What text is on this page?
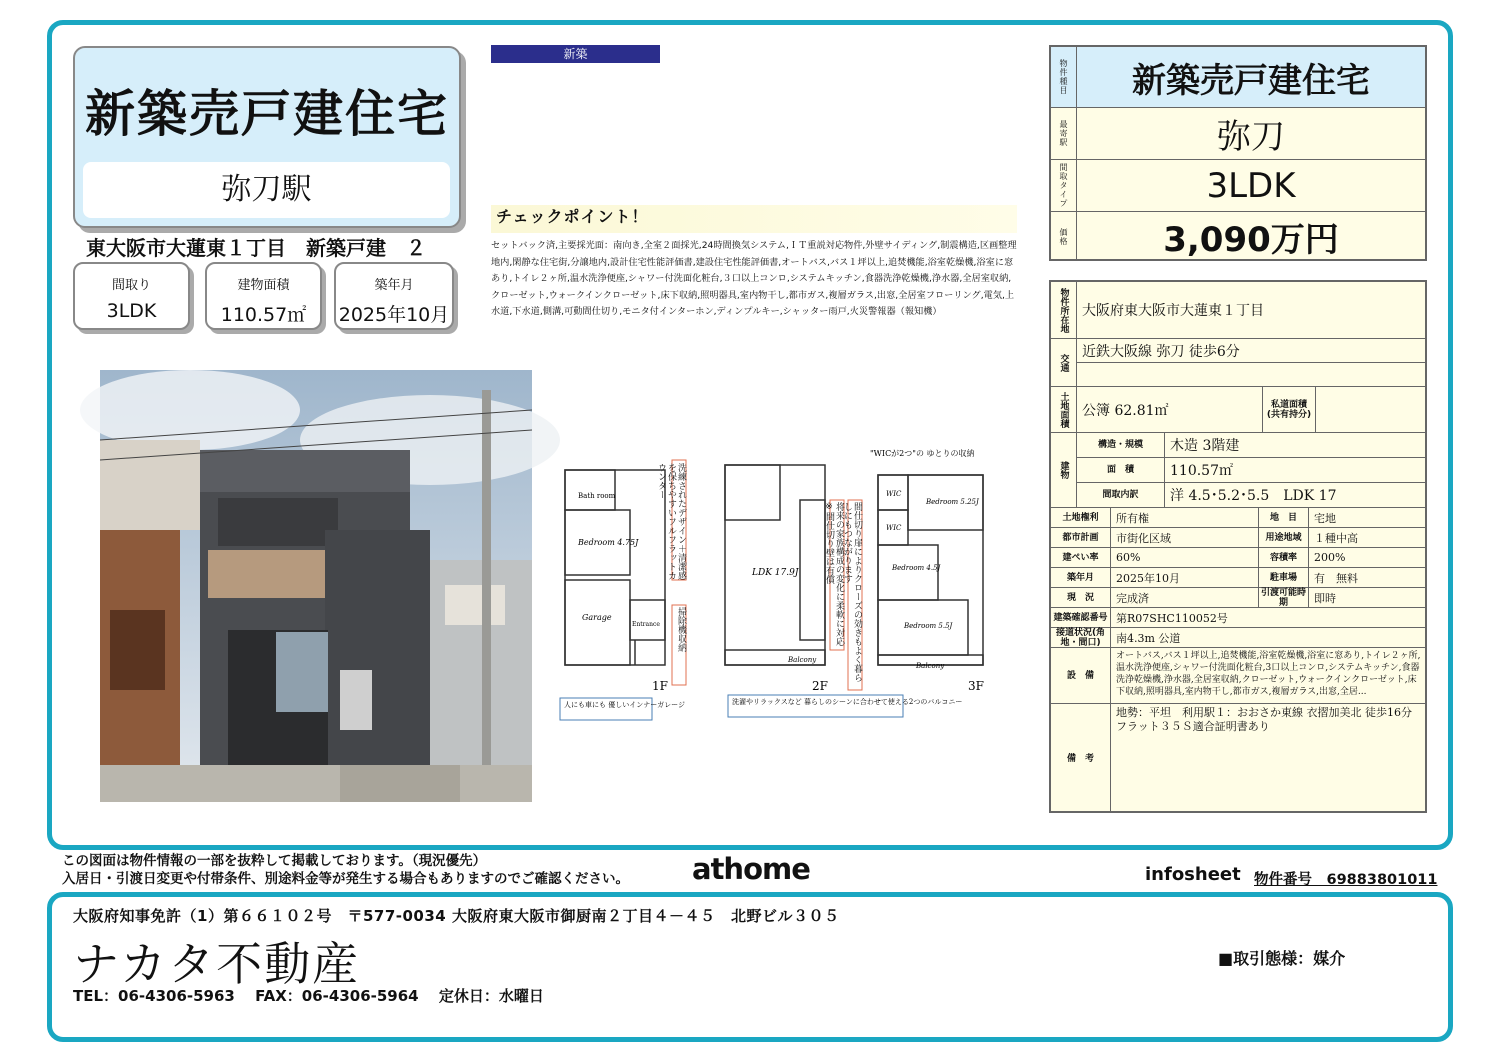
新築売戸建住宅
弥刀駅
東大阪市大蓮東１丁目　新築戸建　２
間取り
3LDK
建物面積
110.57㎡
築年月
2025年10月
新築
チェックポイント！
セットバック済,主要採光面：南向き,全室２面採光,24時間換気システム,ＩＴ重説対応物件,外壁サイディング,制震構造,区画整理地内,閑静な住宅街,分譲地内,設計住宅性能評価書,建設住宅性能評価書,オートバス,バス１坪以上,追焚機能,浴室乾燥機,浴室に窓あり,トイレ２ヶ所,温水洗浄便座,シャワー付洗面化粧台,３口以上コンロ,システムキッチン,食器洗浄乾燥機,浄水器,全居室収納,クローゼット,ウォークインクローゼット,床下収納,照明器具,室内物干し,都市ガス,複層ガラス,出窓,全居室フローリング,電気,上水道,下水道,側溝,可動間仕切り,モニタ付インターホン,ディンプルキー,シャッター雨戸,火災警報器（報知機）
Bath room
Bedroom 4.75J
Garage
Entrance
1F
人にも車にも 優しいインナーガレージ
LDK 17.9J
Balcony
2F
洗濯やリラックスなど 暮らしのシーンに合わせて使える2つのバルコニー
WIC
WIC
Bedroom 5.25J
Bedroom 4.5J
Bedroom 5.5J
Balcony
3F
"WICが2つ"の ゆとりの収納
物件種目	新築売戸建住宅
最寄駅	弥刀
間取タイプ	3LDK
価格	3,090万円
物件所在地 大阪府東大阪市大蓮東１丁目
交通
近鉄大阪線 弥刀 徒歩6分
土地面積 公簿 62.81㎡	私道面積
(共有持分)
建物
構造・規模	木造 3階建
面　積	110.57㎡
間取内訳	洋 4.5･5.2･5.5　LDK 17
土地権利	所有権	地　目	宅地
都市計画	市街化区域	用途地域	１種中高
建ぺい率	60%	容積率	200%
築年月	2025年10月	駐車場	有　無料
現　況	完成済	引渡可能時期	即時
建築確認番号 第R07SHC110052号
接道状況(角地・間口)	南4.3m 公道
設　備
オートバス,バス１坪以上,追焚機能,浴室乾燥機,浴室に窓あり,トイレ２ヶ所,温水洗浄便座,シャワー付洗面化粧台,3口以上コンロ,システムキッチン,食器洗浄乾燥機,浄水器,全居室収納,クローゼット,ウォークインクローゼット,床下収納,照明器具,室内物干し,都市ガス,複層ガラス,出窓,全居...
備　考
地勢：平坦　利用駅１：おおさか東線 衣摺加美北 徒歩16分
フラット３５Ｓ適合証明書あり
この図面は物件情報の一部を抜粋して掲載しております。（現況優先）
入居日・引渡日変更や付帯条件、別途料金等が発生する場合もありますのでご確認ください。 athome	infosheet 物件番号　69883801011
大阪府知事免許（1）第６６１０２号　〒577-0034 大阪府東大阪市御厨南２丁目４－４５　北野ビル３０５
ナカタ不動産
TEL：06-4306-5963　 FAX：06-4306-5964　 定休日：水曜日
■取引態様：媒介
洗練されたデザイン＋清潔感を保ちやすいフルフラットカウンター
掃除機収納	将来の家族構成の変化に柔軟に対応※間仕切り壁は有償	間仕切り扉によりクローズの効きもよく暮らしにもつながります
